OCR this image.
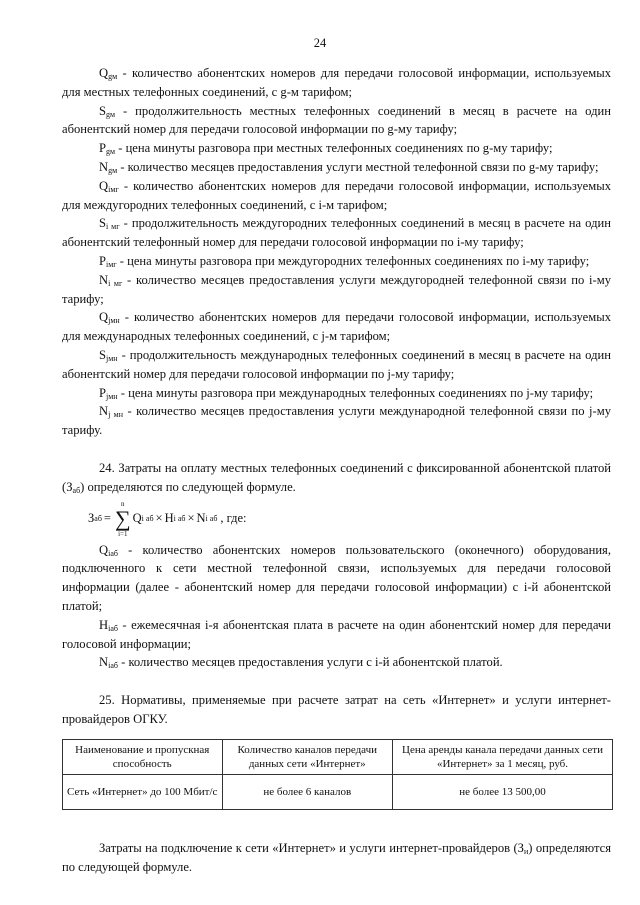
24

$Q_{gм}$ - количество абонентских номеров для передачи голосовой информации, используемых для местных телефонных соединений, с g-м тарифом;

$S_{gм}$ - продолжительность местных телефонных соединений в месяц в расчете на один абонентский номер для передачи голосовой информации по g-му тарифу;

$P_{gм}$ - цена минуты разговора при местных телефонных соединениях по g-му тарифу;

$N_{gм}$ - количество месяцев предоставления услуги местной телефонной связи по g-му тарифу;

$Q_{iмг}$ - количество абонентских номеров для передачи голосовой информации, используемых для междугородних телефонных соединений, с i-м тарифом;

$S_{i мг}$ - продолжительность междугородних телефонных соединений в месяц в расчете на один абонентский телефонный номер для передачи голосовой информации по i-му тарифу;

$P_{iмг}$ - цена минуты разговора при междугородних телефонных соединениях по i-му тарифу;

$N_{i мг}$ - количество месяцев предоставления услуги междугородней телефонной связи по i-му тарифу;

$Q_{jмн}$ - количество абонентских номеров для передачи голосовой информации, используемых для международных телефонных соединений, с j-м тарифом;

$S_{jмн}$ - продолжительность международных телефонных соединений в месяц в расчете на один абонентский номер для передачи голосовой информации по j-му тарифу;

$P_{jмн}$ - цена минуты разговора при международных телефонных соединениях по j-му тарифу;

$N_{j мн}$ - количество месяцев предоставления услуги международной телефонной связи по j-му тарифу.

24. Затраты на оплату местных телефонных соединений с фиксированной абонентской платой $(З_{аб})$ определяются по следующей формуле.

З аб =
n
∑
i=1
Q i аб × H i аб × N i аб , где:

$Q_{iаб}$ - количество абонентских номеров пользовательского (оконечного) оборудования, подключенного к сети местной телефонной связи, используемых для передачи голосовой информации (далее - абонентский номер для передачи голосовой информации) с i-й абонентской платой;

$H_{iаб}$ - ежемесячная i-я абонентская плата в расчете на один абонентский номер для передачи голосовой информации;

$N_{iаб}$ - количество месяцев предоставления услуги с i-й абонентской платой.

25. Нормативы, применяемые при расчете затрат на сеть «Интернет» и услуги интернет-провайдеров ОГКУ.

Наименование и пропускная способность	Количество каналов передачи данных сети «Интернет»	Цена аренды канала передачи данных сети «Интернет» за 1 месяц, руб.
Сеть «Интернет» до 100 Мбит/с	не более 6 каналов	не более 13 500,00

Затраты на подключение к сети «Интернет» и услуги интернет-провайдеров $(З_и)$ определяются по следующей формуле.
